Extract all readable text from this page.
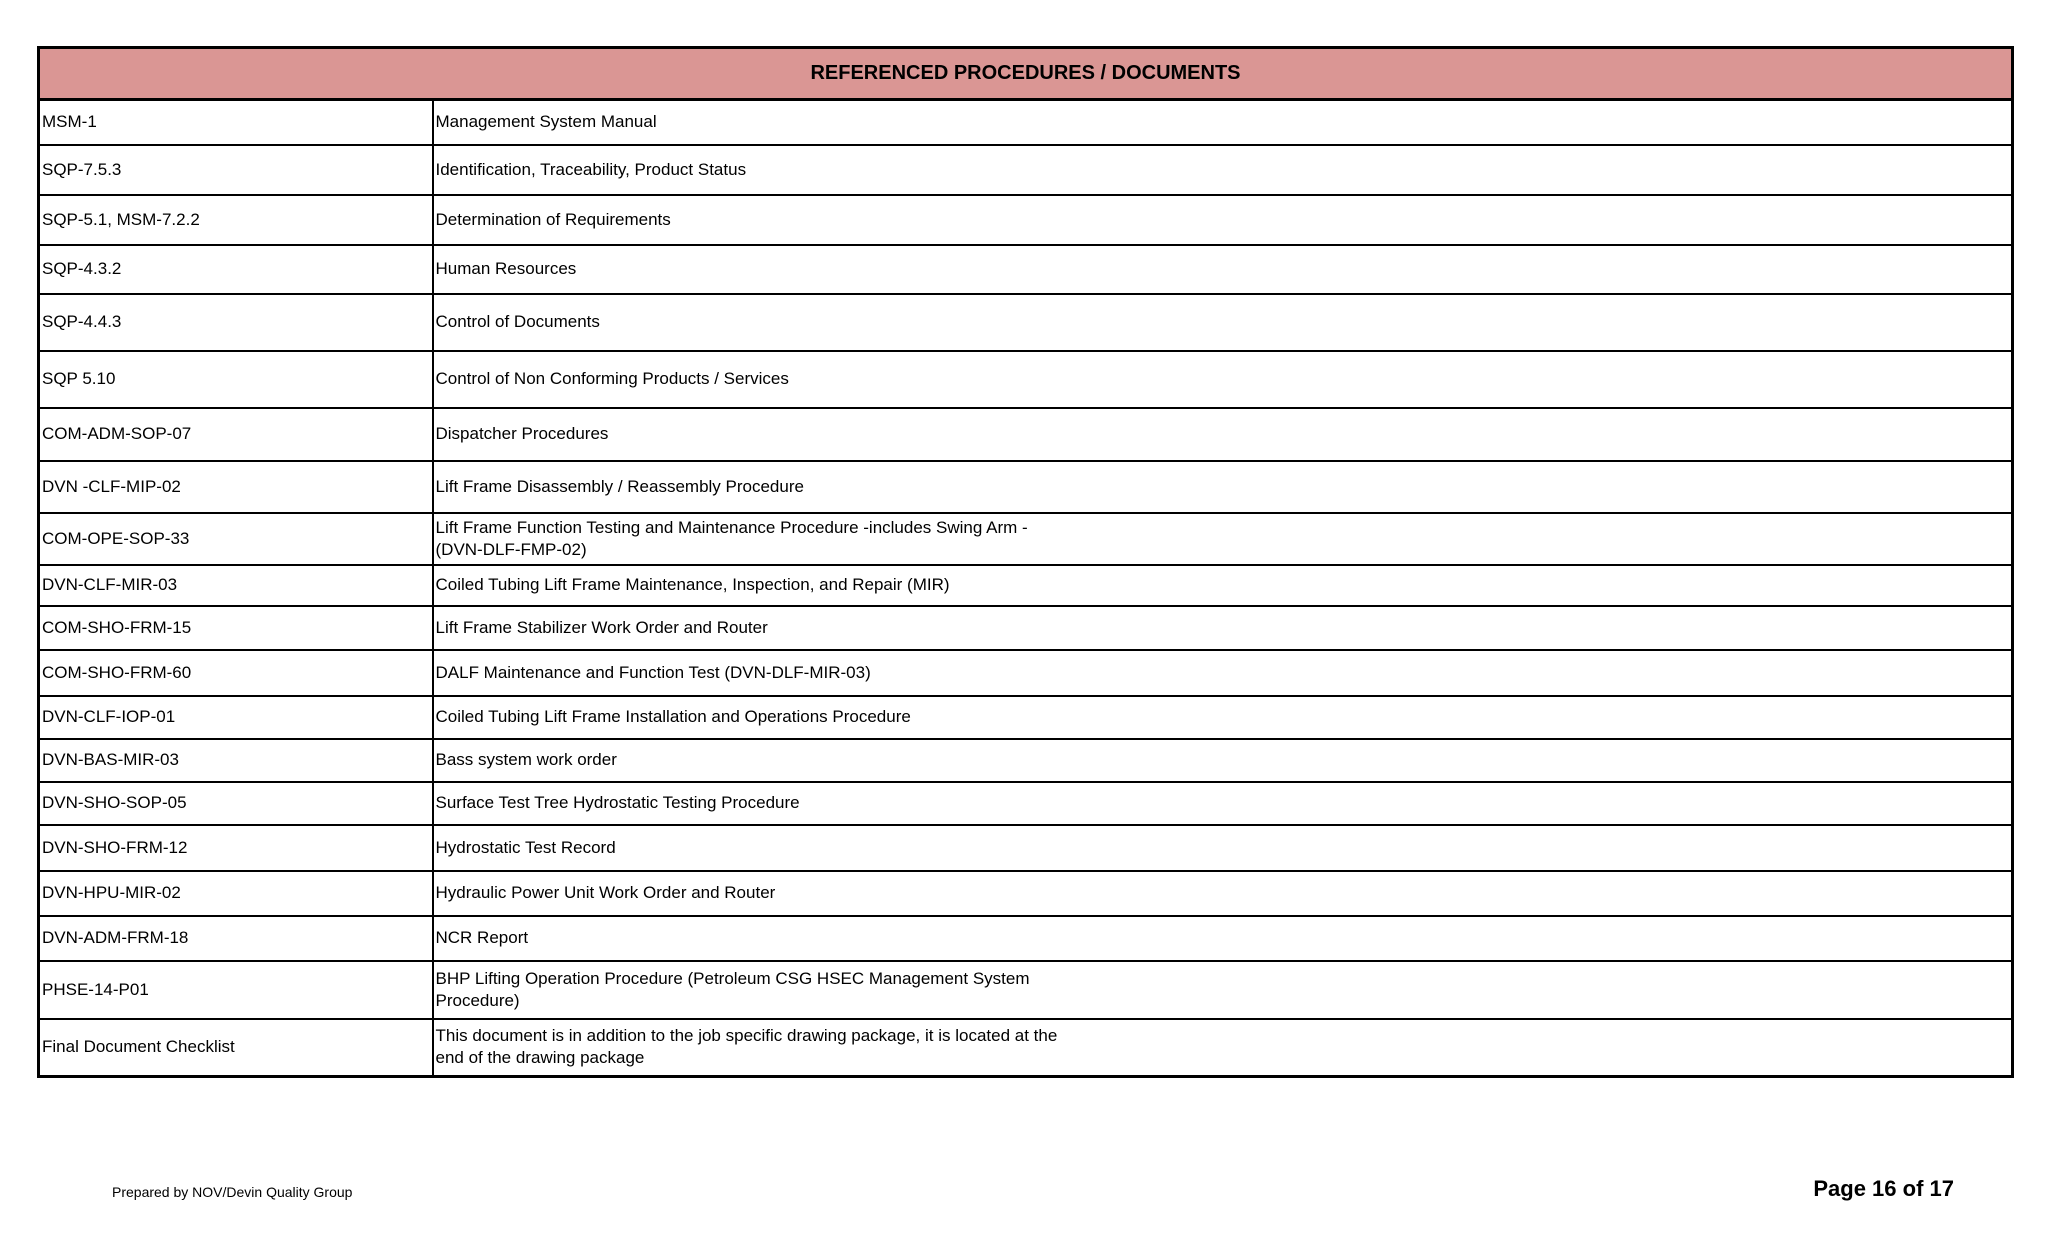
REFERENCED PROCEDURES / DOCUMENTS	
MSM-1	Management System Manual

SQP-7.5.3	Identification, Traceability, Product Status

SQP-5.1, MSM-7.2.2	Determination of Requirements

SQP-4.3.2	Human Resources

SQP-4.4.3	Control of Documents

SQP 5.10	Control of Non Conforming Products / Services

COM-ADM-SOP-07	Dispatcher Procedures

DVN -CLF-MIP-02	Lift Frame Disassembly / Reassembly Procedure

COM-OPE-SOP-33	Lift Frame Function Testing and Maintenance Procedure -includes Swing Arm - (DVN-DLF-FMP-02)

DVN-CLF-MIR-03	Coiled Tubing Lift Frame Maintenance, Inspection, and Repair (MIR)

COM-SHO-FRM-15	Lift Frame Stabilizer Work Order and Router

COM-SHO-FRM-60	DALF Maintenance and Function Test (DVN-DLF-MIR-03)

DVN-CLF-IOP-01	Coiled Tubing Lift Frame Installation and Operations Procedure

DVN-BAS-MIR-03	Bass system work order

DVN-SHO-SOP-05	Surface Test Tree Hydrostatic Testing Procedure

DVN-SHO-FRM-12	Hydrostatic Test Record

DVN-HPU-MIR-02	Hydraulic Power Unit Work Order and Router

DVN-ADM-FRM-18	NCR Report

PHSE-14-P01	BHP Lifting Operation Procedure (Petroleum CSG HSEC Management System Procedure)

Final Document Checklist	This document is in addition to the job specific drawing package, it is located at the end of the drawing package
Prepared by NOV/Devin Quality Group	Page 16 of 17
